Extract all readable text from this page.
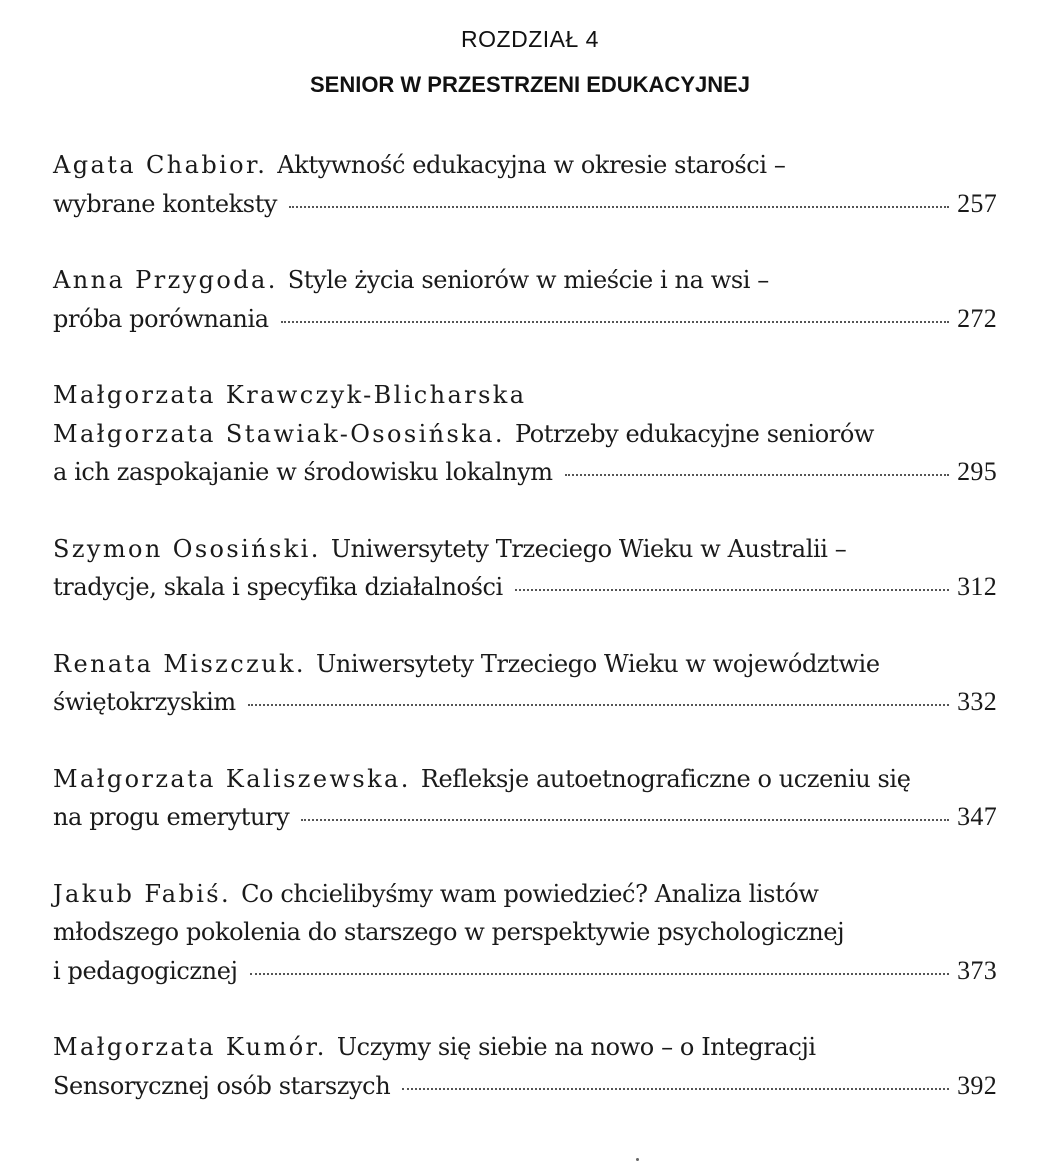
ROZDZIAŁ 4
SENIOR W PRZESTRZENI EDUKACYJNEJ
Agata Chabior. Aktywność edukacyjna w okresie starości –
wybrane konteksty	257
Anna Przygoda. Style życia seniorów w mieście i na wsi –
próba porównania	272
Małgorzata Krawczyk-Blicharska
Małgorzata Stawiak-Ososińska. Potrzeby edukacyjne seniorów
a ich zaspokajanie w środowisku lokalnym	295
Szymon Ososiński. Uniwersytety Trzeciego Wieku w Australii –
tradycje, skala i specyfika działalności	312
Renata Miszczuk. Uniwersytety Trzeciego Wieku w województwie
świętokrzyskim	332
Małgorzata Kaliszewska. Refleksje autoetnograficzne o uczeniu się
na progu emerytury	347
Jakub Fabiś. Co chcielibyśmy wam powiedzieć? Analiza listów
młodszego pokolenia do starszego w perspektywie psychologicznej
i pedagogicznej	373
Małgorzata Kumór. Uczymy się siebie na nowo – o Integracji
Sensorycznej osób starszych	392
